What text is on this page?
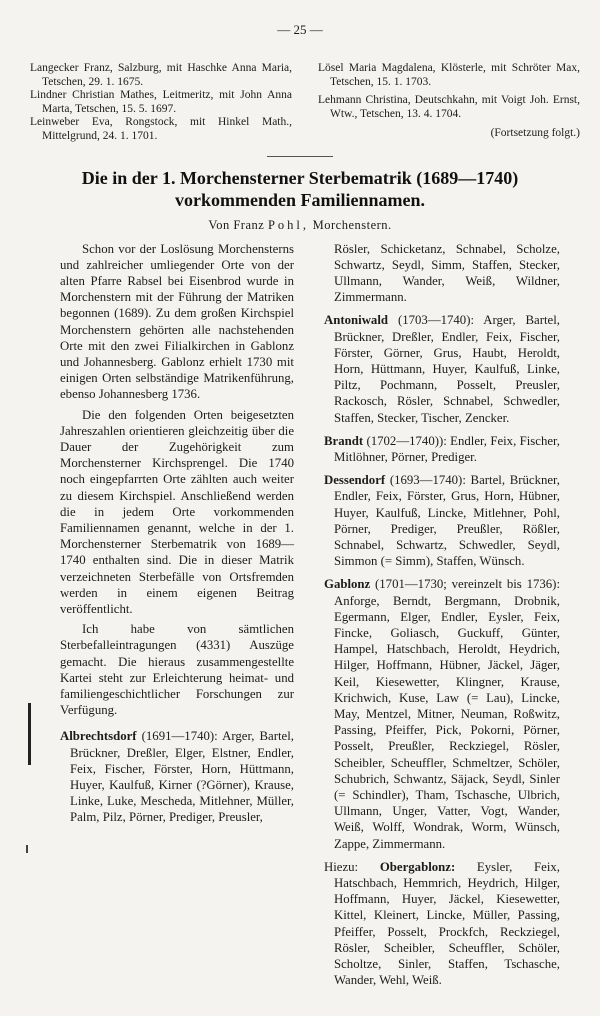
— 25 —

Langecker Franz, Salzburg, mit Haschke Anna Maria, Tetschen, 29. 1. 1675.

Lindner Christian Mathes, Leitmeritz, mit John Anna Marta, Tetschen, 15. 5. 1697.

Leinweber Eva, Rongstock, mit Hinkel Math., Mittelgrund, 24. 1. 1701.

Lösel Maria Magdalena, Klösterle, mit Schröter Max, Tetschen, 15. 1. 1703.

Lehmann Christina, Deutschkahn, mit Voigt Joh. Ernst, Wtw., Tetschen, 13. 4. 1704.

(Fortsetzung folgt.)
Die in der 1. Morchensterner Sterbematrik (1689—1740)
vorkommenden Familiennamen.
Von Franz Pohl, Morchenstern.

Schon vor der Loslösung Morchensterns und zahlreicher umliegender Orte von der alten Pfarre Rabsel bei Eisenbrod wurde in Morchenstern mit der Führung der Matriken begonnen (1689). Zu dem großen Kirchspiel Morchenstern gehörten alle nachstehenden Orte mit den zwei Filialkirchen in Gablonz und Johannesberg. Gablonz erhielt 1730 mit einigen Orten selbständige Matrikenführung, ebenso Johannesberg 1736.

Die den folgenden Orten beigesetzten Jahreszahlen orientieren gleichzeitig über die Dauer der Zugehörigkeit zum Morchensterner Kirchsprengel. Die 1740 noch eingepfarrten Orte zählten auch weiter zu diesem Kirchspiel. Anschließend werden die in jedem Orte vorkommenden Familiennamen genannt, welche in der 1. Morchensterner Sterbematrik von 1689—1740 enthalten sind. Die in dieser Matrik verzeichneten Sterbefälle von Ortsfremden werden in einem eigenen Beitrag veröffentlicht.

Ich habe von sämtlichen Sterbefalleintragungen (4331) Auszüge gemacht. Die hieraus zusammengestellte Kartei steht zur Erleichterung heimat- und familiengeschichtlicher Forschungen zur Verfügung.

Albrechtsdorf (1691—1740): Arger, Bartel, Brückner, Dreßler, Elger, Elstner, Endler, Feix, Fischer, Förster, Horn, Hüttmann, Huyer, Kaulfuß, Kirner (?Görner), Krause, Linke, Luke, Mescheda, Mitlehner, Müller, Palm, Pilz, Pörner, Prediger, Preusler,

Rösler, Schicketanz, Schnabel, Scholze, Schwartz, Seydl, Simm, Staffen, Stecker, Ullmann, Wander, Weiß, Wildner, Zimmermann.

Antoniwald (1703—1740): Arger, Bartel, Brückner, Dreßler, Endler, Feix, Fischer, Förster, Görner, Grus, Haubt, Heroldt, Horn, Hüttmann, Huyer, Kaulfuß, Linke, Piltz, Pochmann, Posselt, Preusler, Rackosch, Rösler, Schnabel, Schwedler, Staffen, Stecker, Tischer, Zencker.

Brandt (1702—1740)): Endler, Feix, Fischer, Mitlöhner, Pörner, Prediger.

Dessendorf (1693—1740): Bartel, Brückner, Endler, Feix, Förster, Grus, Horn, Hübner, Huyer, Kaulfuß, Lincke, Mitlehner, Pohl, Pörner, Prediger, Preußler, Rößler, Schnabel, Schwartz, Schwedler, Seydl, Simmon (= Simm), Staffen, Wünsch.

Gablonz (1701—1730; vereinzelt bis 1736): Anforge, Berndt, Bergmann, Drobnik, Egermann, Elger, Endler, Eysler, Feix, Fincke, Goliasch, Guckuff, Günter, Hampel, Hatschbach, Heroldt, Heydrich, Hilger, Hoffmann, Hübner, Jäckel, Jäger, Keil, Kiesewetter, Klingner, Krause, Krichwich, Kuse, Law (= Lau), Lincke, May, Mentzel, Mitner, Neuman, Roßwitz, Passing, Pfeiffer, Pick, Pokorni, Pörner, Posselt, Preußler, Reckziegel, Rösler, Scheibler, Scheuffler, Schmeltzer, Schöler, Schubrich, Schwantz, Säjack, Seydl, Sinler (= Schindler), Tham, Tschasche, Ulbrich, Ullmann, Unger, Vatter, Vogt, Wander, Weiß, Wolff, Wondrak, Worm, Wünsch, Zappe, Zimmermann.

Hiezu: Obergablonz: Eysler, Feix, Hatschbach, Hemmrich, Heydrich, Hilger, Hoffmann, Huyer, Jäckel, Kiesewetter, Kittel, Kleinert, Lincke, Müller, Passing, Pfeiffer, Posselt, Prockfch, Reckziegel, Rösler, Scheibler, Scheuffler, Schöler, Scholtze, Sinler, Staffen, Tschasche, Wander, Wehl, Weiß.
